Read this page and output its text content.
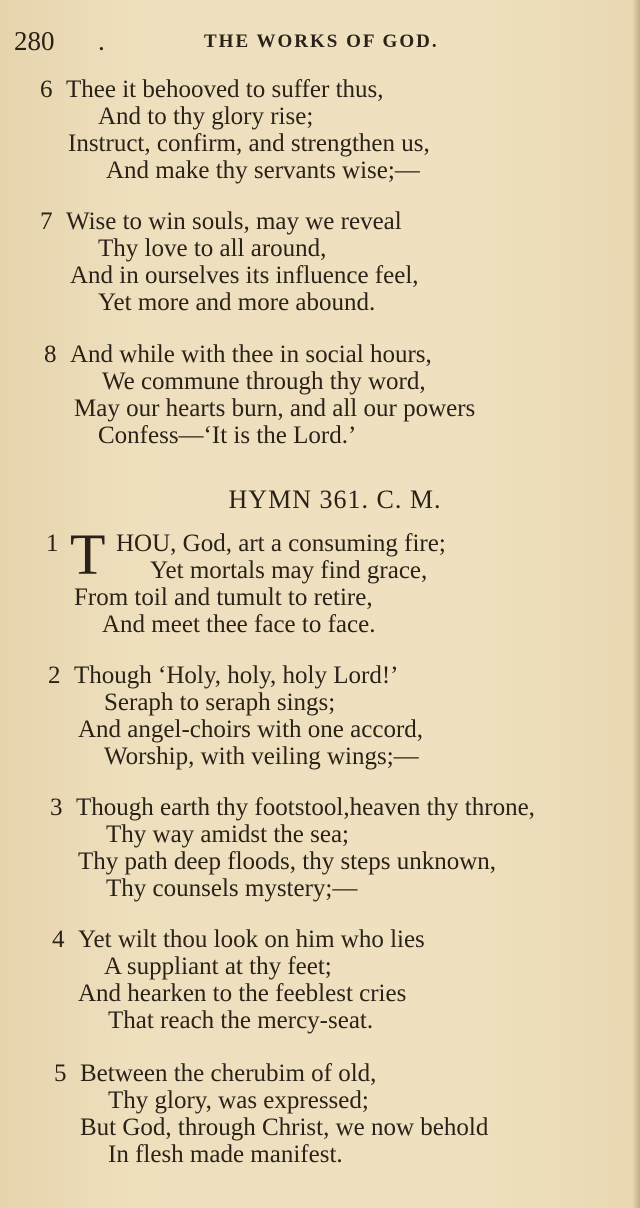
280 .	THE WORKS OF GOD.
6 Thee it behooved to suffer thus,
And to thy glory rise;
Instruct, confirm, and strengthen us,
And make thy servants wise;—
7 Wise to win souls, may we reveal
Thy love to all around,
And in ourselves its influence feel,
Yet more and more abound.
8 And while with thee in social hours,
We commune through thy word,
May our hearts burn, and all our powers
Confess—‘It is the Lord.’
HYMN 361. C. M.
1 HOU, God, art a consuming fire;
Yet mortals may find grace,
From toil and tumult to retire,
And meet thee face to face.
T
2 Though ‘Holy, holy, holy Lord!’
Seraph to seraph sings;
And angel-choirs with one accord,
Worship, with veiling wings;—
3 Though earth thy footstool,heaven thy throne,
Thy way amidst the sea;
Thy path deep floods, thy steps unknown,
Thy counsels mystery;—
4 Yet wilt thou look on him who lies
A suppliant at thy feet;
And hearken to the feeblest cries
That reach the mercy-seat.
5 Between the cherubim of old,
Thy glory, was expressed;
But God, through Christ, we now behold
In flesh made manifest.
